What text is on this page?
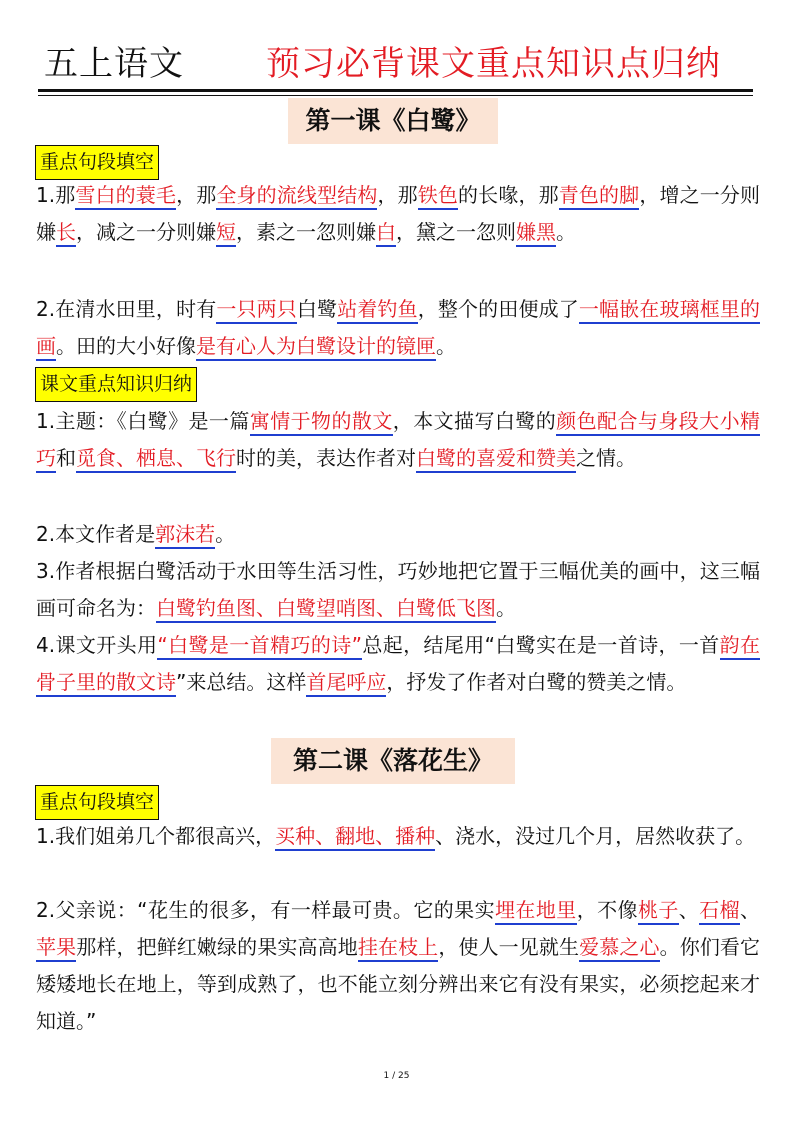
五上语文 预习必背课文重点知识点归纳
第一课《白鹭》
重点句段填空
1.那雪白的蓑毛，那全身的流线型结构，那铁色的长喙，那青色的脚，增之一分则嫌长，减之一分则嫌短，素之一忽则嫌白，黛之一忽则嫌黑。
2.在清水田里，时有一只两只白鹭站着钓鱼，整个的田便成了一幅嵌在玻璃框里的画。田的大小好像是有心人为白鹭设计的镜匣。
课文重点知识归纳
1.主题：《白鹭》是一篇寓情于物的散文，本文描写白鹭的颜色配合与身段大小精巧和觅食、栖息、飞行时的美，表达作者对白鹭的喜爱和赞美之情。
2.本文作者是郭沫若。
3.作者根据白鹭活动于水田等生活习性，巧妙地把它置于三幅优美的画中，这三幅画可命名为：白鹭钓鱼图、白鹭望哨图、白鹭低飞图。
4.课文开头用“白鹭是一首精巧的诗”总起，结尾用“白鹭实在是一首诗，一首韵在骨子里的散文诗”来总结。这样首尾呼应，抒发了作者对白鹭的赞美之情。
第二课《落花生》
重点句段填空
1.我们姐弟几个都很高兴，买种、翻地、播种、浇水，没过几个月，居然收获了。
2.父亲说：“花生的很多，有一样最可贵。它的果实埋在地里，不像桃子、石榴、苹果那样，把鲜红嫩绿的果实高高地挂在枝上，使人一见就生爱慕之心。你们看它矮矮地长在地上，等到成熟了，也不能立刻分辨出来它有没有果实，必须挖起来才知道。”
1 / 25
